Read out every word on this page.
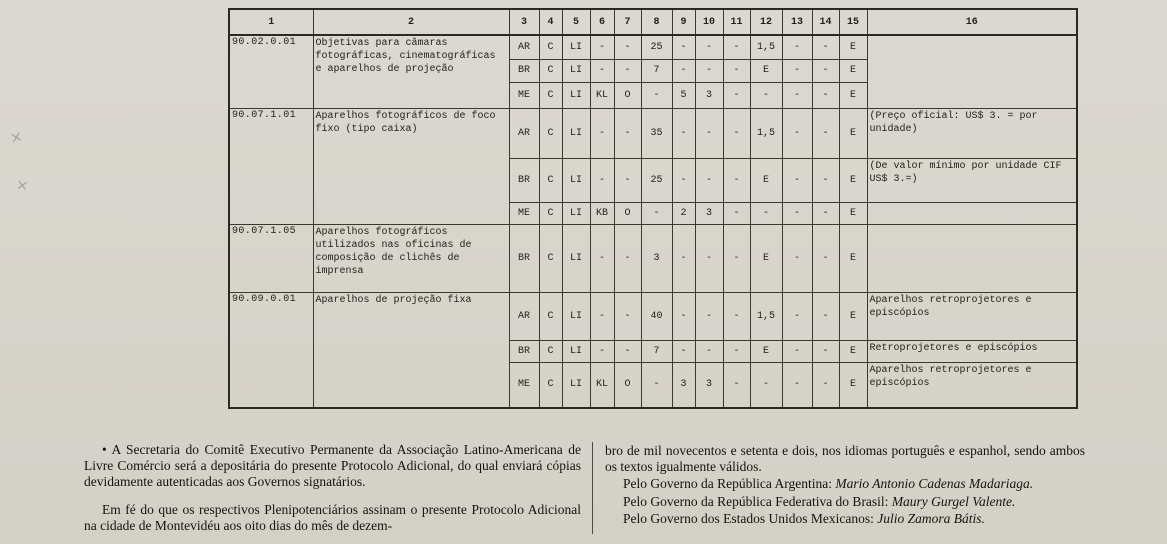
×
×
1	2	3	4	5	6	7	8	9	10	11	12	13	14	15	16
90.02.0.01	Objetivas para câmaras fotográficas, cinematográficas e aparelhos de projeção	AR	C	LI	-	-	25	-	-	-	1,5	-	-	E	
		BR	C	LI	-	-	7	-	-	-	E	-	-	E	
		ME	C	LI	KL	O	-	5	3	-	-	-	-	E	
90.07.1.01	Aparelhos fotográficos de foco fixo (tipo caixa)	AR	C	LI	-	-	35	-	-	-	1,5	-	-	E	(Preço oficial: US$ 3. = por unidade)
		BR	C	LI	-	-	25	-	-	-	E	-	-	E	(De valor mínimo por unidade CIF US$ 3.=)
		ME	C	LI	KB	O	-	2	3	-	-	-	-	E	
90.07.1.05	Aparelhos fotográficos utilizados nas oficinas de composição de clichês de imprensa	BR	C	LI	-	-	3	-	-	-	E	-	-	E	
90.09.0.01	Aparelhos de projeção fixa	AR	C	LI	-	-	40	-	-	-	1,5	-	-	E	Aparelhos retroprojetores e episcópios
		BR	C	LI	-	-	7	-	-	-	E	-	-	E	Retroprojetores e episcópios
		ME	C	LI	KL	O	-	3	3	-	-	-	-	E	Aparelhos retroprojetores e episcópios

• A Secretaria do Comitê Executivo Permanente da Associação Latino-Americana de Livre Comércio será a depositária do presente Protocolo Adicional, do qual enviará cópias devidamente autenticadas aos Governos signatários.

Em fé do que os respectivos Plenipotenciários assinam o presente Protocolo Adicional na cidade de Montevidéu aos oito dias do mês de dezem-

bro de mil novecentos e setenta e dois, nos idiomas português e espanhol, sendo ambos os textos igualmente válidos.

Pelo Governo da República Argentina: Mario Antonio Cadenas Madariaga.

Pelo Governo da República Federativa do Brasil: Maury Gurgel Valente.

Pelo Governo dos Estados Unidos Mexicanos: Julio Zamora Bátis.
